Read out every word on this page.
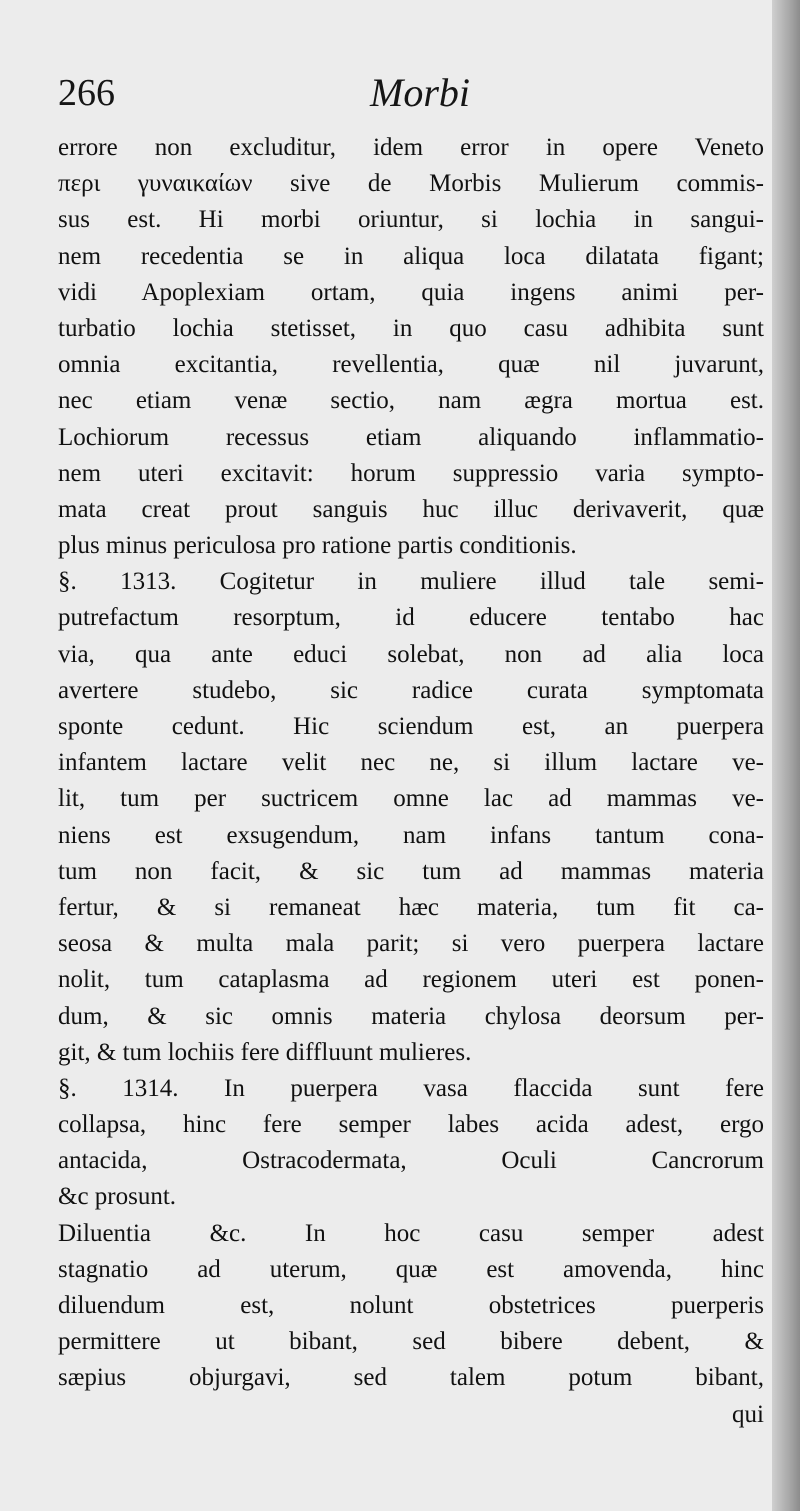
266	Morbi
errore non excluditur, idem error in opere Veneto
περι γυναικαίων sive de Morbis Mulierum commis-
sus est. Hi morbi oriuntur, si lochia in sangui-
nem recedentia se in aliqua loca dilatata figant;
vidi Apoplexiam ortam, quia ingens animi per-
turbatio lochia stetisset, in quo casu adhibita sunt
omnia excitantia, revellentia, quæ nil juvarunt,
nec etiam venæ sectio, nam ægra mortua est.
Lochiorum recessus etiam aliquando inflammatio-
nem uteri excitavit: horum suppressio varia sympto-
mata creat prout sanguis huc illuc derivaverit, quæ
plus minus periculosa pro ratione partis conditionis.
§. 1313. Cogitetur in muliere illud tale semi-
putrefactum resorptum, id educere tentabo hac
via, qua ante educi solebat, non ad alia loca
avertere studebo, sic radice curata symptomata
sponte cedunt. Hic sciendum est, an puerpera
infantem lactare velit nec ne, si illum lactare ve-
lit, tum per suctricem omne lac ad mammas ve-
niens est exsugendum, nam infans tantum cona-
tum non facit, & sic tum ad mammas materia
fertur, & si remaneat hæc materia, tum fit ca-
seosa & multa mala parit; si vero puerpera lactare
nolit, tum cataplasma ad regionem uteri est ponen-
dum, & sic omnis materia chylosa deorsum per-
git, & tum lochiis fere diffluunt mulieres.
§. 1314. In puerpera vasa flaccida sunt fere
collapsa, hinc fere semper labes acida adest, ergo
antacida, Ostracodermata, Oculi Cancrorum
&c prosunt.
Diluentia &c. In hoc casu semper adest
stagnatio ad uterum, quæ est amovenda, hinc
diluendum est, nolunt obstetrices puerperis
permittere ut bibant, sed bibere debent, &
sæpius objurgavi, sed talem potum bibant,
qui
